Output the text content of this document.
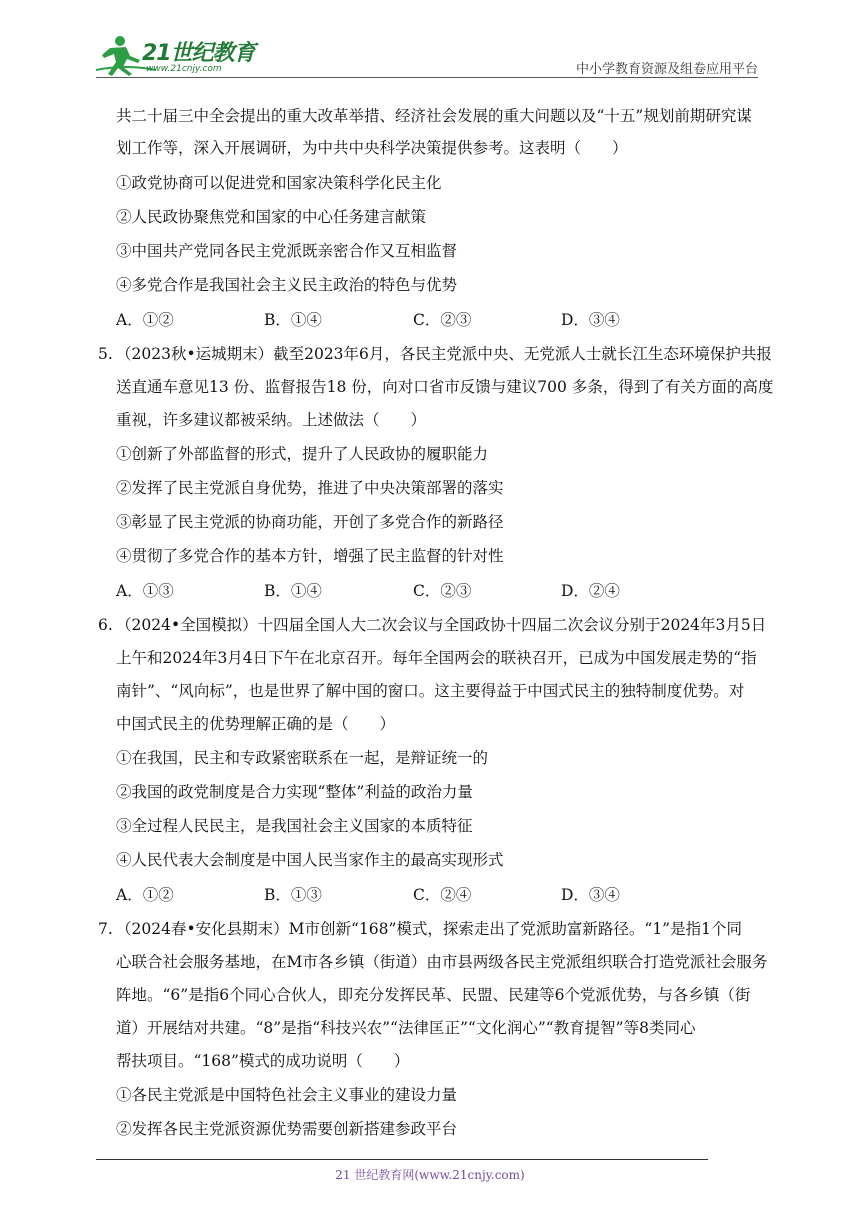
21世纪教育
www.21cnjy.com	中小学教育资源及组卷应用平台
共二十届三中全会提出的重大改革举措、经济社会发展的重大问题以及“十五”规划前期研究谋
划工作等，深入开展调研，为中共中央科学决策提供参考。这表明（　　）
①政党协商可以促进党和国家决策科学化民主化
②人民政协聚焦党和国家的中心任务建言献策
③中国共产党同各民主党派既亲密合作又互相监督
④多党合作是我国社会主义民主政治的特色与优势
A．①②	B．①④	C．②③	D．③④
5. （2023秋•运城期末）截至2023年6月，各民主党派中央、无党派人士就长江生态环境保护共报
送直通车意见13 份、监督报告18 份，向对口省市反馈与建议700 多条，得到了有关方面的高度
重视，许多建议都被采纳。上述做法（　　）
①创新了外部监督的形式，提升了人民政协的履职能力
②发挥了民主党派自身优势，推进了中央决策部署的落实
③彰显了民主党派的协商功能，开创了多党合作的新路径
④贯彻了多党合作的基本方针，增强了民主监督的针对性
A．①③	B．①④	C．②③	D．②④
6. （2024•全国模拟）十四届全国人大二次会议与全国政协十四届二次会议分别于2024年3月5日
上午和2024年3月4日下午在北京召开。每年全国两会的联袂召开，已成为中国发展走势的“指
南针”、“风向标”，也是世界了解中国的窗口。这主要得益于中国式民主的独特制度优势。对
中国式民主的优势理解正确的是（　　）
①在我国，民主和专政紧密联系在一起，是辩证统一的
②我国的政党制度是合力实现“整体”利益的政治力量
③全过程人民民主，是我国社会主义国家的本质特征
④人民代表大会制度是中国人民当家作主的最高实现形式
A．①②	B．①③	C．②④	D．③④
7. （2024春•安化县期末）M市创新“168”模式，探索走出了党派助富新路径。“1”是指1个同
心联合社会服务基地，在M市各乡镇（街道）由市县两级各民主党派组织联合打造党派社会服务
阵地。“6”是指6个同心合伙人，即充分发挥民革、民盟、民建等6个党派优势，与各乡镇（街
道）开展结对共建。“8”是指“科技兴农”“法律匡正”“文化润心”“教育提智”等8类同心
帮扶项目。“168”模式的成功说明（　　）
①各民主党派是中国特色社会主义事业的建设力量
②发挥各民主党派资源优势需要创新搭建参政平台
21 世纪教育网(www.21cnjy.com)
